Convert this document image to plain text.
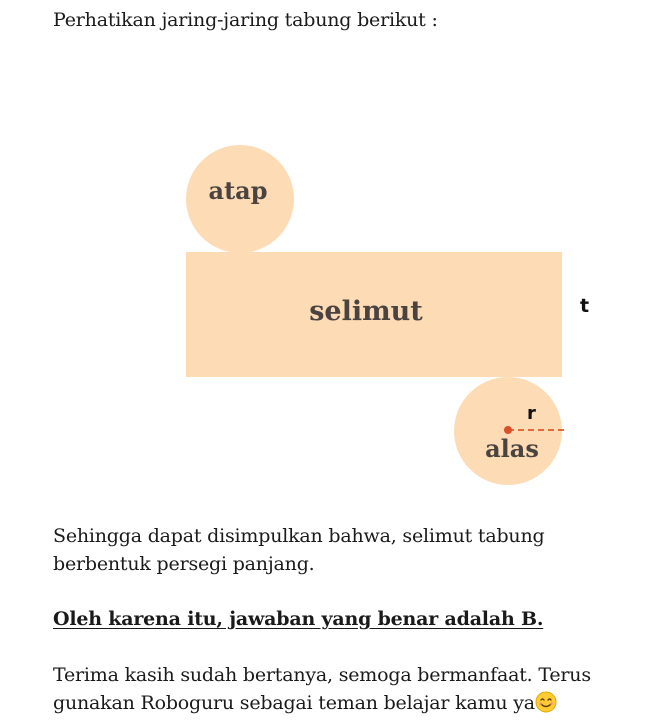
Perhatikan jaring-jaring tabung berikut :

atap
selimut
alas
t
r

Sehingga dapat disimpulkan bahwa, selimut tabung berbentuk persegi panjang.

Oleh karena itu, jawaban yang benar adalah B.

Terima kasih sudah bertanya, semoga bermanfaat. Terus gunakan Roboguru sebagai teman belajar kamu ya
